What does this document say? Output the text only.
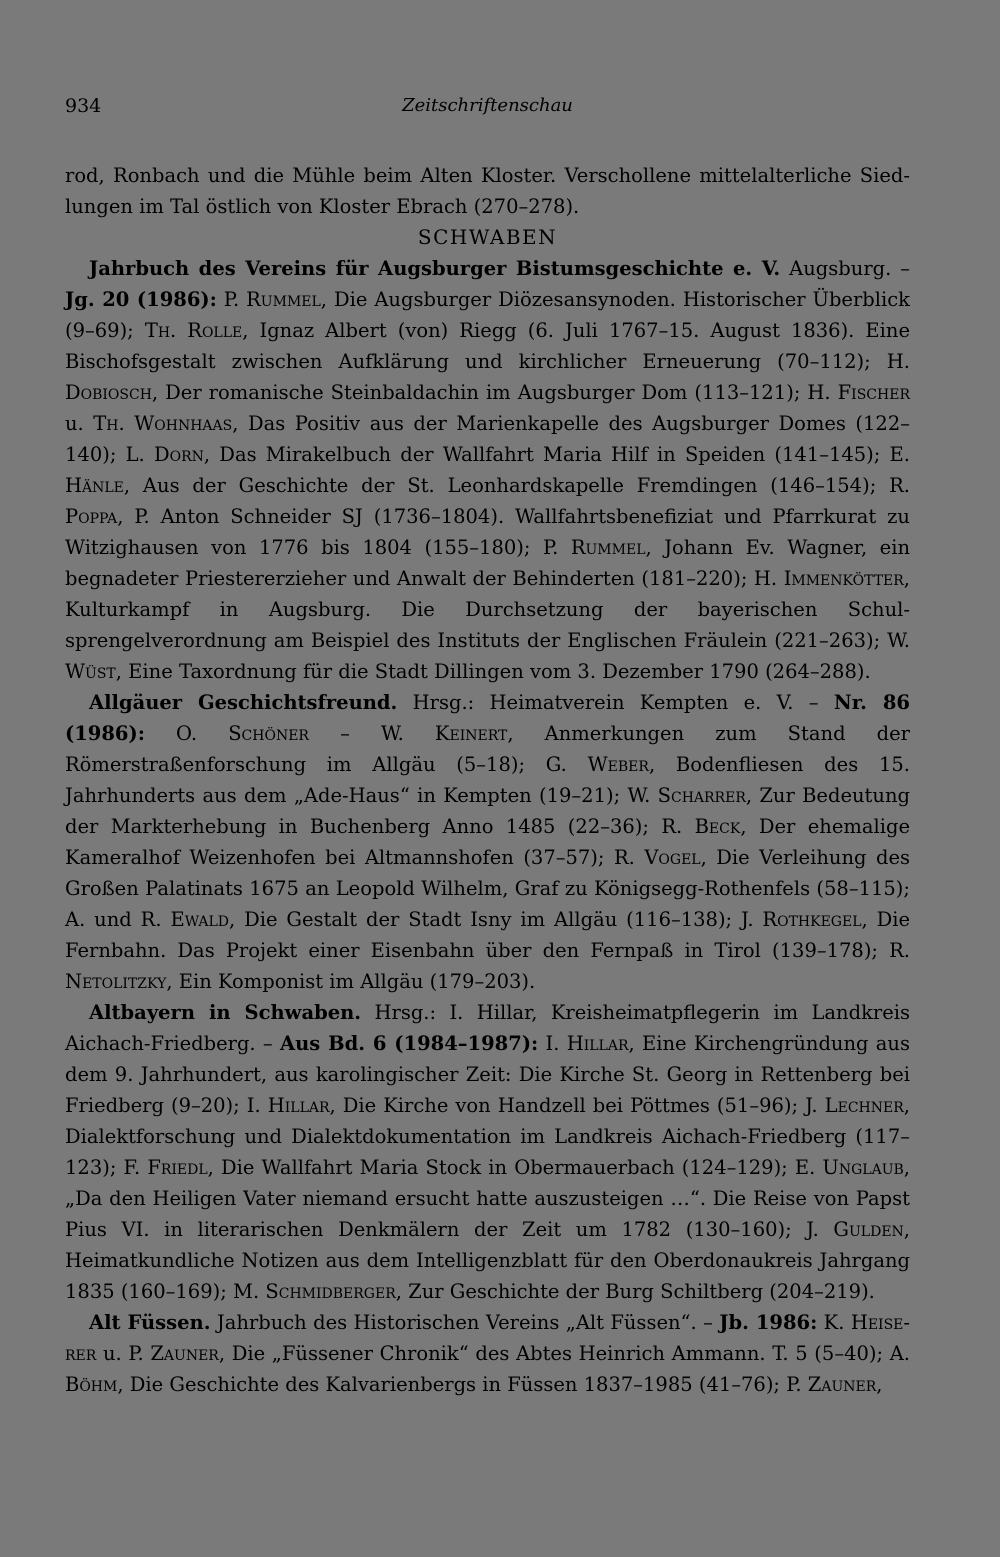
934	Zeitschriftenschau

rod, Ronbach und die Mühle beim Alten Kloster. Verschollene mittelalterliche Siedlungen im Tal östlich von Kloster Ebrach (270–278).

SCHWABEN

Jahrbuch des Vereins für Augsburger Bistumsgeschichte e. V. Augsburg. – Jg. 20 (1986): P. Rummel, Die Augsburger Diözesansynoden. Historischer Überblick (9–69); Th. Rolle, Ignaz Albert (von) Riegg (6. Juli 1767–15. August 1836). Eine Bischofsgestalt zwischen Aufklärung und kirchlicher Erneuerung (70–112); H. Dobiosch, Der romanische Steinbaldachin im Augsburger Dom (113–121); H. Fischer u. Th. Wohnhaas, Das Positiv aus der Marienkapelle des Augsburger Domes (122–140); L. Dorn, Das Mirakelbuch der Wallfahrt Maria Hilf in Speiden (141–145); E. Hänle, Aus der Geschichte der St. Leonhardskapelle Fremdingen (146–154); R. Poppa, P. Anton Schneider SJ (1736–1804). Wallfahrtsbenefiziat und Pfarrkurat zu Witzighausen von 1776 bis 1804 (155–180); P. Rummel, Johann Ev. Wagner, ein begnadeter Priestererzieher und Anwalt der Behinderten (181–220); H. Immenkötter, Kulturkampf in Augsburg. Die Durchsetzung der bayerischen Schulsprengelverordnung am Beispiel des Instituts der Englischen Fräulein (221–263); W. Wüst, Eine Taxordnung für die Stadt Dillingen vom 3. Dezember 1790 (264–288).

Allgäuer Geschichtsfreund. Hrsg.: Heimatverein Kempten e. V. – Nr. 86 (1986): O. Schöner – W. Keinert, Anmerkungen zum Stand der Römerstraßenforschung im Allgäu (5–18); G. Weber, Bodenfliesen des 15. Jahrhunderts aus dem „Ade-Haus“ in Kempten (19–21); W. Scharrer, Zur Bedeutung der Markterhebung in Buchenberg Anno 1485 (22–36); R. Beck, Der ehemalige Kameralhof Weizenhofen bei Altmannshofen (37–57); R. Vogel, Die Verleihung des Großen Palatinats 1675 an Leopold Wilhelm, Graf zu Königsegg-Rothenfels (58–115); A. und R. Ewald, Die Gestalt der Stadt Isny im Allgäu (116–138); J. Rothkegel, Die Fernbahn. Das Projekt einer Eisenbahn über den Fernpaß in Tirol (139–178); R. Netolitzky, Ein Komponist im Allgäu (179–203).

Altbayern in Schwaben. Hrsg.: I. Hillar, Kreisheimatpflegerin im Landkreis Aichach-Friedberg. – Aus Bd. 6 (1984–1987): I. Hillar, Eine Kirchengründung aus dem 9. Jahrhundert, aus karolingischer Zeit: Die Kirche St. Georg in Rettenberg bei Friedberg (9–20); I. Hillar, Die Kirche von Handzell bei Pöttmes (51–96); J. Lechner, Dialektforschung und Dialektdokumentation im Landkreis Aichach-Friedberg (117–123); F. Friedl, Die Wallfahrt Maria Stock in Obermauerbach (124–129); E. Unglaub, „Da den Heiligen Vater niemand ersucht hatte auszusteigen …“. Die Reise von Papst Pius VI. in literarischen Denkmälern der Zeit um 1782 (130–160); J. Gulden, Heimatkundliche Notizen aus dem Intelligenzblatt für den Oberdonaukreis Jahrgang 1835 (160–169); M. Schmidberger, Zur Geschichte der Burg Schiltberg (204–219).

Alt Füssen. Jahrbuch des Historischen Vereins „Alt Füssen“. – Jb. 1986: K. Heiserer u. P. Zauner, Die „Füssener Chronik“ des Abtes Heinrich Ammann. T. 5 (5–40); A. Böhm, Die Geschichte des Kalvarienbergs in Füssen 1837–1985 (41–76); P. Zauner,
